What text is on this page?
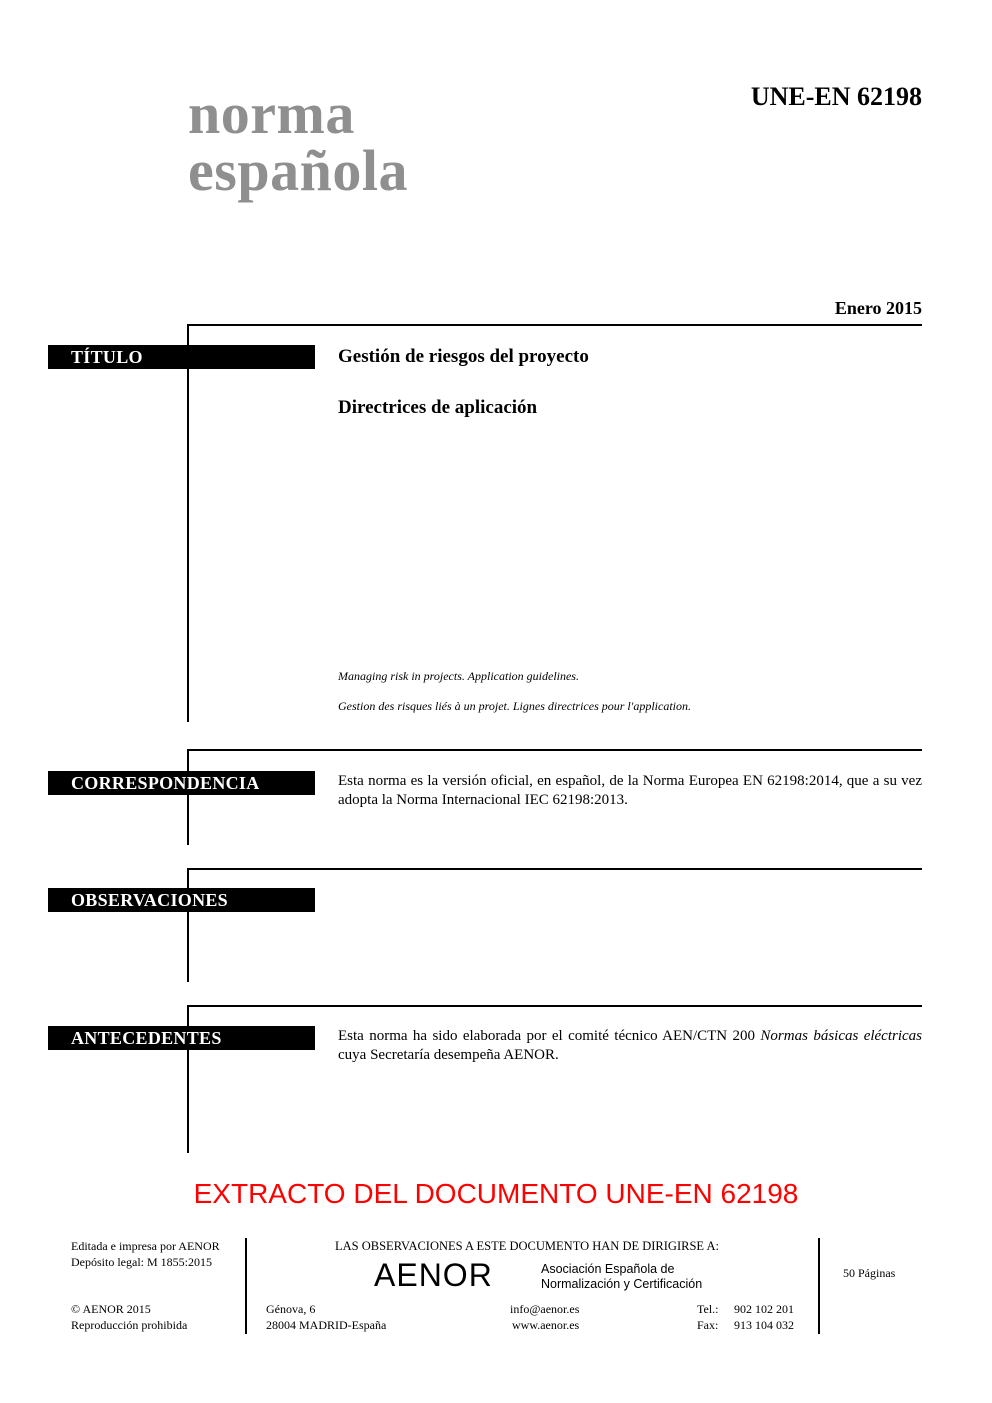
norma
española
UNE-EN 62198
Enero 2015
TÍTULO	Gestión de riesgos del proyecto
Directrices de aplicación
Managing risk in projects. Application guidelines.
Gestion des risques liés à un projet. Lignes directrices pour l'application.
CORRESPONDENCIA	Esta norma es la versión oficial, en español, de la Norma Europea EN 62198:2014, que a su vez adopta la Norma Internacional IEC 62198:2013.
OBSERVACIONES
ANTECEDENTES	Esta norma ha sido elaborada por el comité técnico AEN/CTN 200 Normas básicas eléctricas cuya Secretaría desempeña AENOR.
EXTRACTO DEL DOCUMENTO UNE-EN 62198
Editada e impresa por AENOR
Depósito legal: M 1855:2015
© AENOR 2015
Reproducción prohibida
LAS OBSERVACIONES A ESTE DOCUMENTO HAN DE DIRIGIRSE A:
AENOR	Asociación Española de
Normalización y Certificación
Génova, 6
28004 MADRID-España
info@aenor.es
www.aenor.es
Tel.: 902 102 201
Fax: 913 104 032
50 Páginas
